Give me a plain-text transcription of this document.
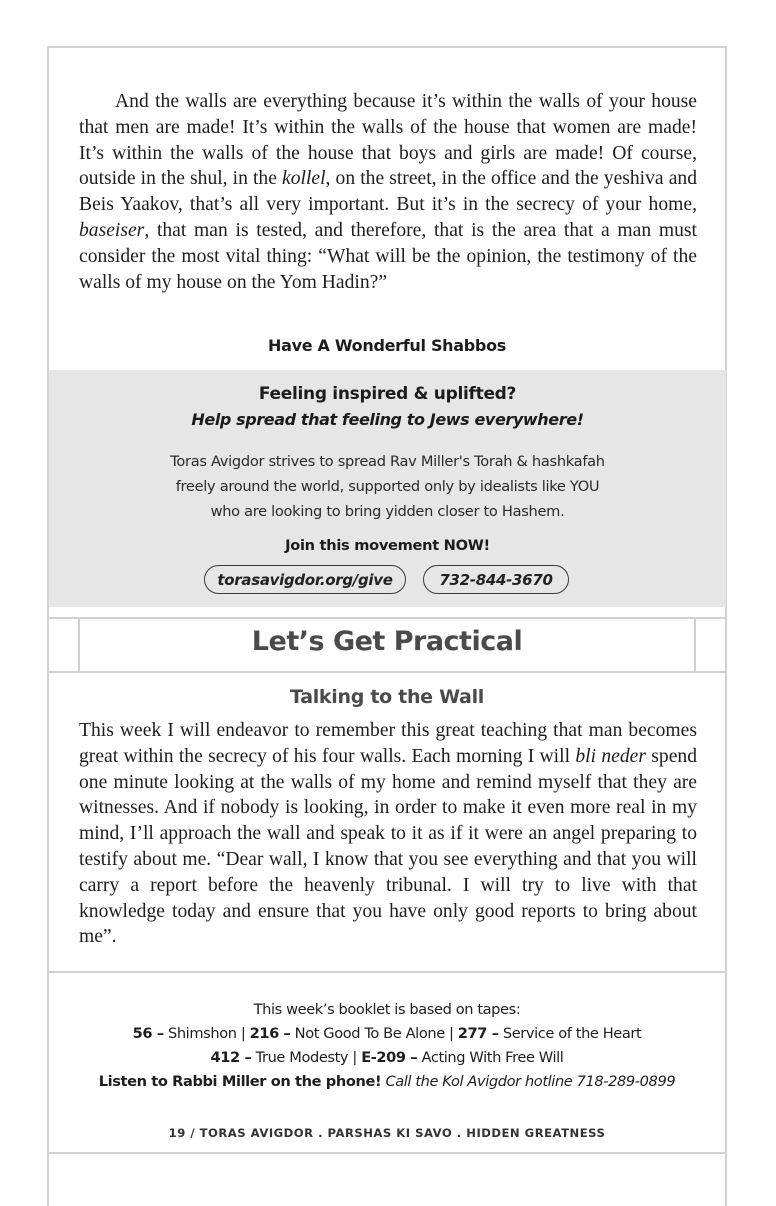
And the walls are everything because it’s within the walls of your house that men are made! It’s within the walls of the house that women are made! It’s within the walls of the house that boys and girls are made! Of course, outside in the shul, in the kollel, on the street, in the office and the yeshiva and Beis Yaakov, that’s all very important. But it’s in the secrecy of your home, baseiser, that man is tested, and therefore, that is the area that a man must consider the most vital thing: “What will be the opinion, the testimony of the walls of my house on the Yom Hadin?”
Have A Wonderful Shabbos
Feeling inspired & uplifted?
Help spread that feeling to Jews everywhere!
Toras Avigdor strives to spread Rav Miller's Torah & hashkafah
freely around the world, supported only by idealists like YOU
who are looking to bring yidden closer to Hashem.
Join this movement NOW!
torasavigdor.org/give	732-844-3670
Let’s Get Practical
Talking to the Wall
This week I will endeavor to remember this great teaching that man becomes great within the secrecy of his four walls. Each morning I will bli neder spend one minute looking at the walls of my home and remind myself that they are witnesses. And if nobody is looking, in order to make it even more real in my mind, I’ll approach the wall and speak to it as if it were an angel preparing to testify about me. “Dear wall, I know that you see everything and that you will carry a report before the heavenly tribunal. I will try to live with that knowledge today and ensure that you have only good reports to bring about me”.
This week’s booklet is based on tapes:
56 – Shimshon | 216 – Not Good To Be Alone | 277 – Service of the Heart
412 – True Modesty | E-209 – Acting With Free Will
Listen to Rabbi Miller on the phone! Call the Kol Avigdor hotline 718-289-0899
19 / TORAS AVIGDOR . PARSHAS KI SAVO . HIDDEN GREATNESS
